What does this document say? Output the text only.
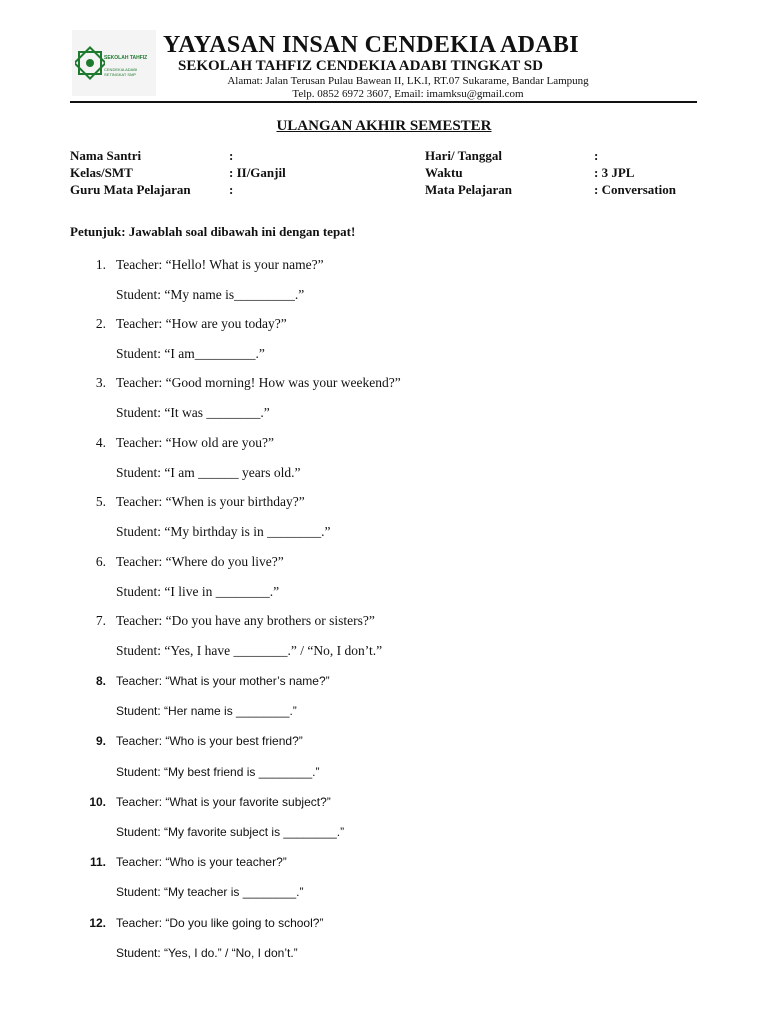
SEKOLAH TAHFIZ
CENDEKIA ADABI SETINGKAT SMP
YAYASAN INSAN CENDEKIA ADABI
SEKOLAH TAHFIZ CENDEKIA ADABI TINGKAT SD
Alamat: Jalan Terusan Pulau Bawean II, LK.I, RT.07 Sukarame, Bandar Lampung
Telp. 0852 6972 3607, Email: imamksu@gmail.com
ULANGAN AKHIR SEMESTER
Nama Santri	:
Kelas/SMT	: II/Ganjil
Guru Mata Pelajaran	:
Hari/ Tanggal	:
Waktu	: 3 JPL
Mata Pelajaran	: Conversation
Petunjuk: Jawablah soal dibawah ini dengan tepat!
1. Teacher: “Hello! What is your name?”
Student: “My name is_________.”
2. Teacher: “How are you today?”
Student: “I am_________.”
3. Teacher: “Good morning! How was your weekend?”
Student: “It was ________.”
4. Teacher: “How old are you?”
Student: “I am ______ years old.”
5. Teacher: “When is your birthday?”
Student: “My birthday is in ________.”
6. Teacher: “Where do you live?”
Student: “I live in ________.”
7. Teacher: “Do you have any brothers or sisters?”
Student: “Yes, I have ________.” / “No, I don’t.”
8. Teacher: “What is your mother’s name?”
Student: “Her name is ________.”
9. Teacher: “Who is your best friend?”
Student: “My best friend is ________.”
10. Teacher: “What is your favorite subject?”
Student: “My favorite subject is ________.”
11. Teacher: “Who is your teacher?”
Student: “My teacher is ________.”
12. Teacher: “Do you like going to school?”
Student: “Yes, I do.” / “No, I don’t.”
